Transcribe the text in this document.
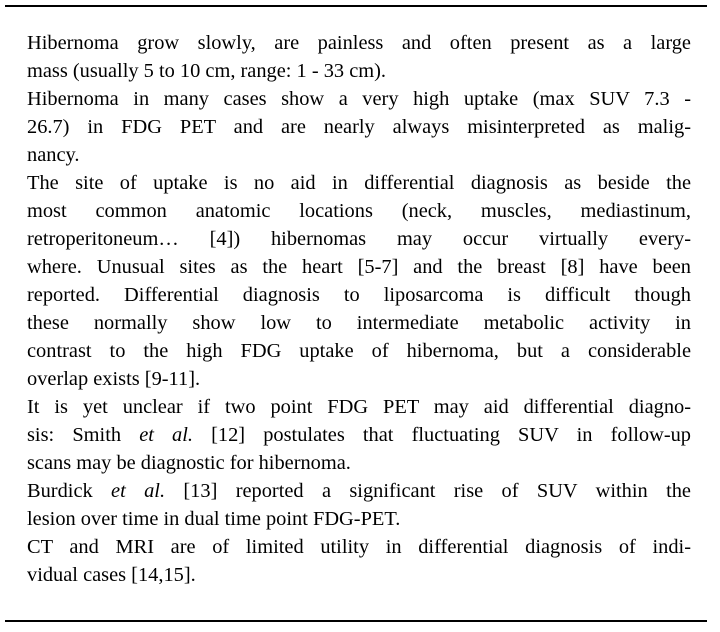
Hibernoma grow slowly, are painless and often present as a large
mass (usually 5 to 10 cm, range: 1 - 33 cm).
Hibernoma in many cases show a very high uptake (max SUV 7.3 -
26.7) in FDG PET and are nearly always misinterpreted as malig-
nancy.
The site of uptake is no aid in differential diagnosis as beside the
most common anatomic locations (neck, muscles, mediastinum,
retroperitoneum… [4]) hibernomas may occur virtually every-
where. Unusual sites as the heart [5-7] and the breast [8] have been
reported. Differential diagnosis to liposarcoma is difficult though
these normally show low to intermediate metabolic activity in
contrast to the high FDG uptake of hibernoma, but a considerable
overlap exists [9-11].
It is yet unclear if two point FDG PET may aid differential diagno-
sis: Smith et al. [12] postulates that fluctuating SUV in follow-up
scans may be diagnostic for hibernoma.
Burdick et al. [13] reported a significant rise of SUV within the
lesion over time in dual time point FDG-PET.
CT and MRI are of limited utility in differential diagnosis of indi-
vidual cases [14,15].
